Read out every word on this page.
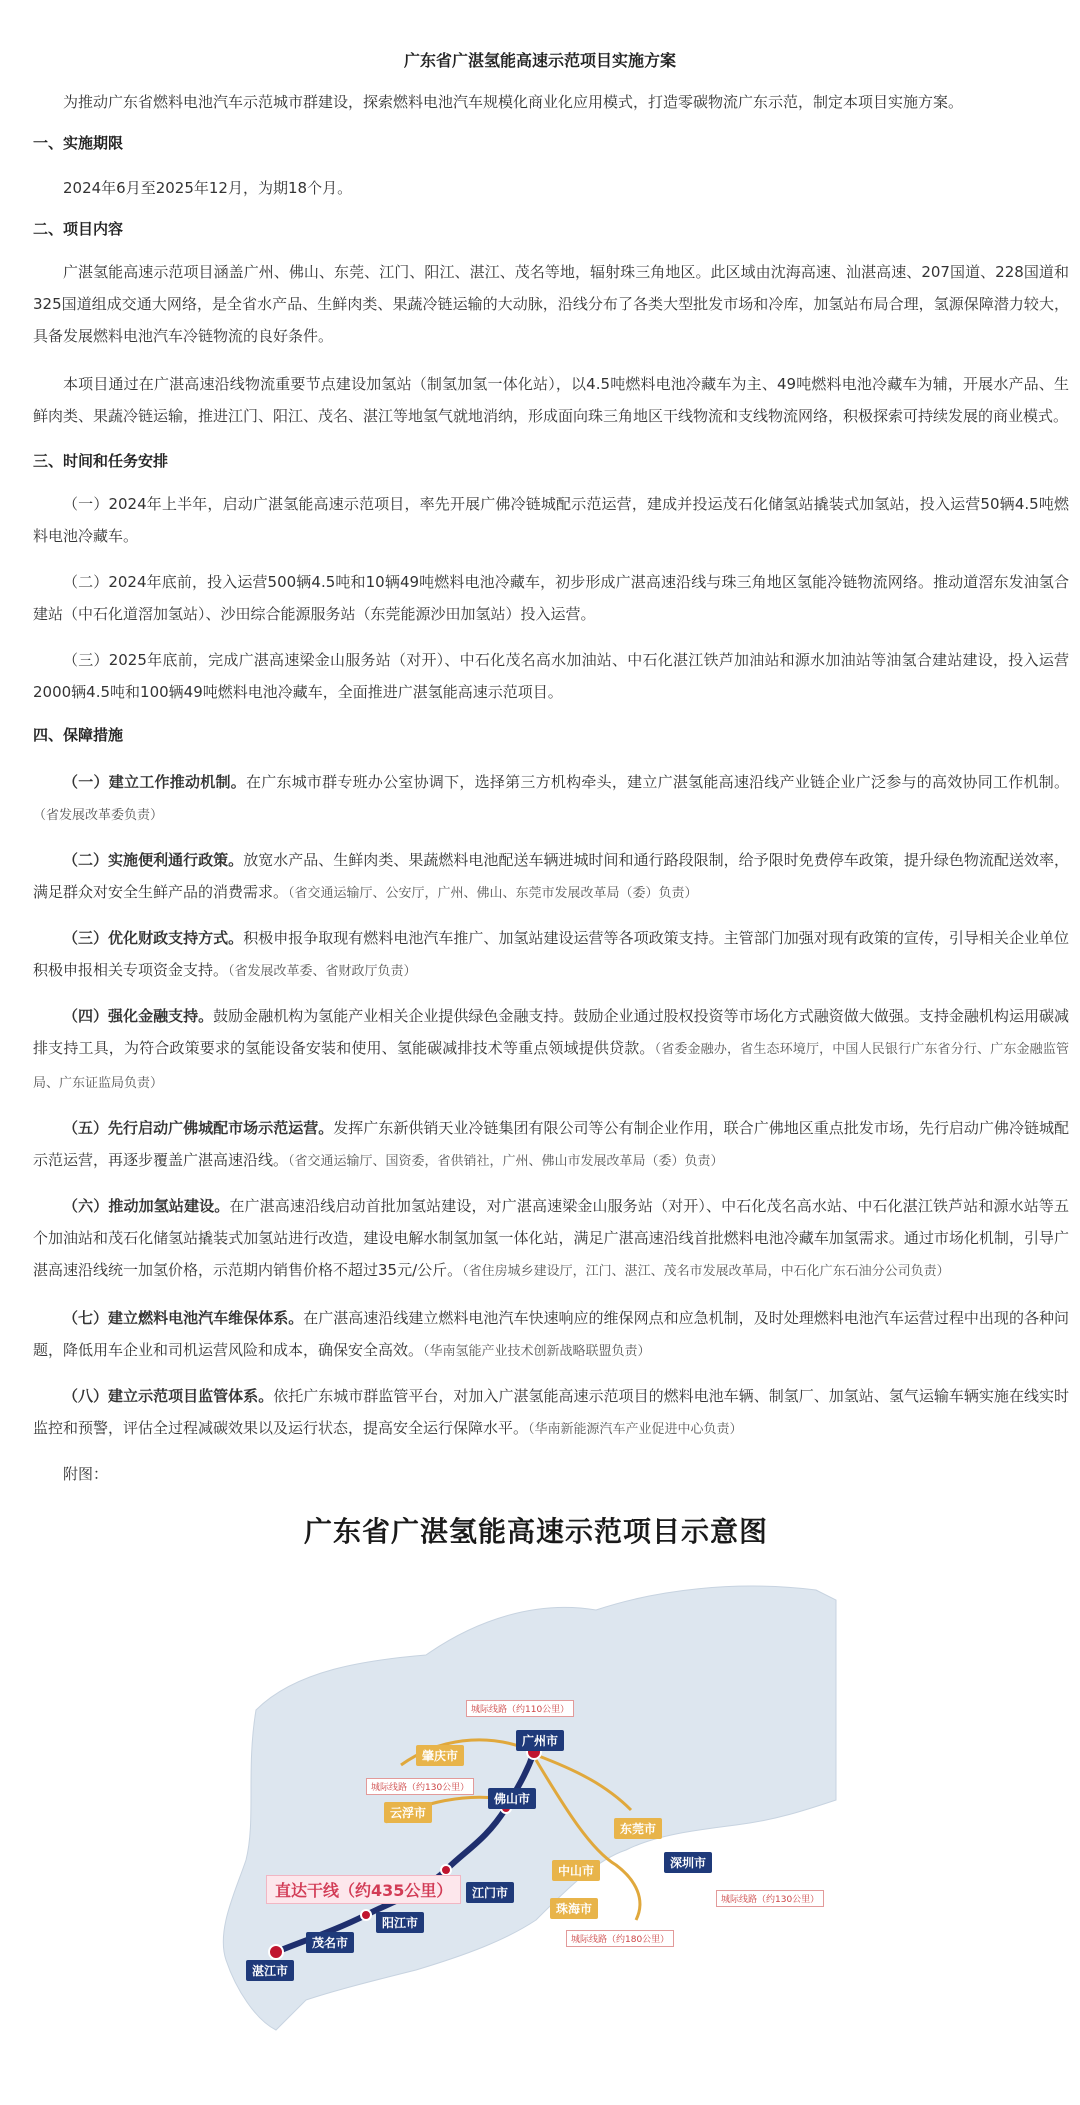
广东省广湛氢能高速示范项目实施方案

为推动广东省燃料电池汽车示范城市群建设，探索燃料电池汽车规模化商业化应用模式，打造零碳物流广东示范，制定本项目实施方案。

一、实施期限

2024年6月至2025年12月，为期18个月。

二、项目内容

广湛氢能高速示范项目涵盖广州、佛山、东莞、江门、阳江、湛江、茂名等地，辐射珠三角地区。此区域由沈海高速、汕湛高速、207国道、228国道和325国道组成交通大网络，是全省水产品、生鲜肉类、果蔬冷链运输的大动脉，沿线分布了各类大型批发市场和冷库，加氢站布局合理，氢源保障潜力较大，具备发展燃料电池汽车冷链物流的良好条件。

本项目通过在广湛高速沿线物流重要节点建设加氢站（制氢加氢一体化站），以4.5吨燃料电池冷藏车为主、49吨燃料电池冷藏车为辅，开展水产品、生鲜肉类、果蔬冷链运输，推进江门、阳江、茂名、湛江等地氢气就地消纳，形成面向珠三角地区干线物流和支线物流网络，积极探索可持续发展的商业模式。

三、时间和任务安排

（一）2024年上半年，启动广湛氢能高速示范项目，率先开展广佛冷链城配示范运营，建成并投运茂石化储氢站撬装式加氢站，投入运营50辆4.5吨燃料电池冷藏车。

（二）2024年底前，投入运营500辆4.5吨和10辆49吨燃料电池冷藏车，初步形成广湛高速沿线与珠三角地区氢能冷链物流网络。推动道滘东发油氢合建站（中石化道滘加氢站）、沙田综合能源服务站（东莞能源沙田加氢站）投入运营。

（三）2025年底前，完成广湛高速梁金山服务站（对开）、中石化茂名高水加油站、中石化湛江铁芦加油站和源水加油站等油氢合建站建设，投入运营2000辆4.5吨和100辆49吨燃料电池冷藏车，全面推进广湛氢能高速示范项目。

四、保障措施

（一）建立工作推动机制。在广东城市群专班办公室协调下，选择第三方机构牵头，建立广湛氢能高速沿线产业链企业广泛参与的高效协同工作机制。（省发展改革委负责）

（二）实施便利通行政策。放宽水产品、生鲜肉类、果蔬燃料电池配送车辆进城时间和通行路段限制，给予限时免费停车政策，提升绿色物流配送效率，满足群众对安全生鲜产品的消费需求。（省交通运输厅、公安厅，广州、佛山、东莞市发展改革局（委）负责）

（三）优化财政支持方式。积极申报争取现有燃料电池汽车推广、加氢站建设运营等各项政策支持。主管部门加强对现有政策的宣传，引导相关企业单位积极申报相关专项资金支持。（省发展改革委、省财政厅负责）

（四）强化金融支持。鼓励金融机构为氢能产业相关企业提供绿色金融支持。鼓励企业通过股权投资等市场化方式融资做大做强。支持金融机构运用碳减排支持工具，为符合政策要求的氢能设备安装和使用、氢能碳减排技术等重点领域提供贷款。（省委金融办，省生态环境厅，中国人民银行广东省分行、广东金融监管局、广东证监局负责）

（五）先行启动广佛城配市场示范运营。发挥广东新供销天业冷链集团有限公司等公有制企业作用，联合广佛地区重点批发市场，先行启动广佛冷链城配示范运营，再逐步覆盖广湛高速沿线。（省交通运输厅、国资委，省供销社，广州、佛山市发展改革局（委）负责）

（六）推动加氢站建设。在广湛高速沿线启动首批加氢站建设，对广湛高速梁金山服务站（对开）、中石化茂名高水站、中石化湛江铁芦站和源水站等五个加油站和茂石化储氢站撬装式加氢站进行改造，建设电解水制氢加氢一体化站，满足广湛高速沿线首批燃料电池冷藏车加氢需求。通过市场化机制，引导广湛高速沿线统一加氢价格，示范期内销售价格不超过35元/公斤。（省住房城乡建设厅，江门、湛江、茂名市发展改革局，中石化广东石油分公司负责）

（七）建立燃料电池汽车维保体系。在广湛高速沿线建立燃料电池汽车快速响应的维保网点和应急机制，及时处理燃料电池汽车运营过程中出现的各种问题，降低用车企业和司机运营风险和成本，确保安全高效。（华南氢能产业技术创新战略联盟负责）

（八）建立示范项目监管体系。依托广东城市群监管平台，对加入广湛氢能高速示范项目的燃料电池车辆、制氢厂、加氢站、氢气运输车辆实施在线实时监控和预警，评估全过程减碳效果以及运行状态，提高安全运行保障水平。（华南新能源汽车产业促进中心负责）

附图：

广东省广湛氢能高速示范项目示意图
广州市
肇庆市
佛山市
云浮市
东莞市
深圳市
中山市
珠海市
江门市
阳江市
茂名市
湛江市
城际线路（约110公里）
城际线路（约130公里）
城际线路（约130公里）
城际线路（约180公里）
直达干线（约435公里）
